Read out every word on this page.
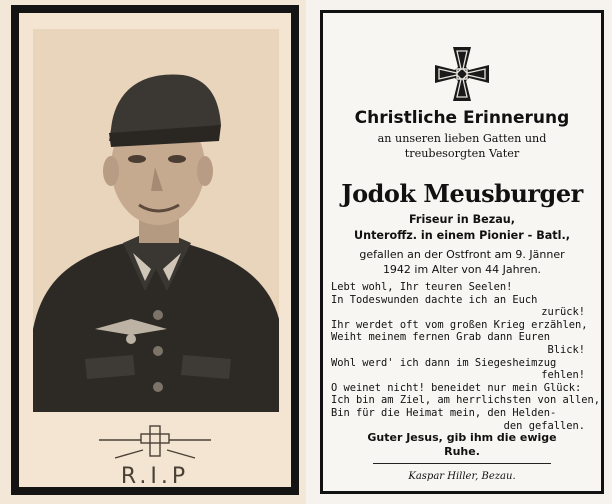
R.I.P
Christliche Erinnerung
an unseren lieben Gatten und
treubesorgten Vater
Jodok Meusburger
Friseur in Bezau,
Unteroffz. in einem Pionier - Batl.,
gefallen an der Ostfront am 9. Jänner
1942 im Alter von 44 Jahren.
Lebt wohl, Ihr teuren Seelen!
In Todeswunden dachte ich an Euch
zurück!
Ihr werdet oft vom großen Krieg erzählen,
Weiht meinem fernen Grab dann Euren
Blick!
Wohl werd' ich dann im Siegesheimzug
fehlen!
O weinet nicht! beneidet nur mein Glück:
Ich bin am Ziel, am herrlichsten von allen,
Bin für die Heimat mein, den Helden-
den gefallen.
Guter Jesus, gib ihm die ewige
Ruhe.
Kaspar Hiller, Bezau.
